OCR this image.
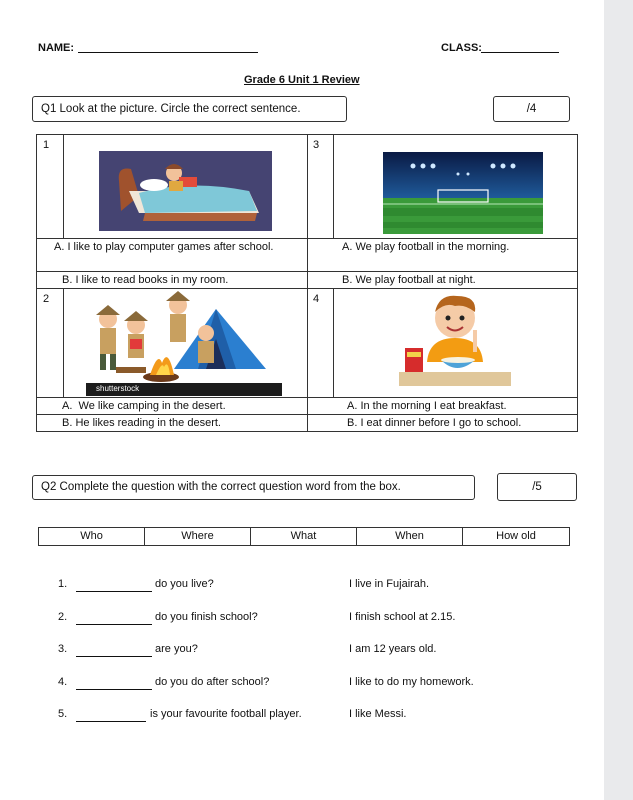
NAME:	CLASS:
Grade 6 Unit 1 Review
Q1 Look at the picture. Circle the correct sentence.	/4
1	3
2	4
shutterstock
A. I like to play computer games after school.	A. We play football in the morning.
B. I like to read books in my room.	B. We play football at night.
A.  We like camping in the desert.	A. In the morning I eat breakfast.
B. He likes reading in the desert.	B. I eat dinner before I go to school.
Q2 Complete the question with the correct question word from the box.	/5
Who	Where	What	When	How old
1.	do you live?	I live in Fujairah.
2.	do you finish school?	I finish school at 2.15.
3.	are you?	I am 12 years old.
4.	do you do after school?	I like to do my homework.
5.	is your favourite football player.	I like Messi.
